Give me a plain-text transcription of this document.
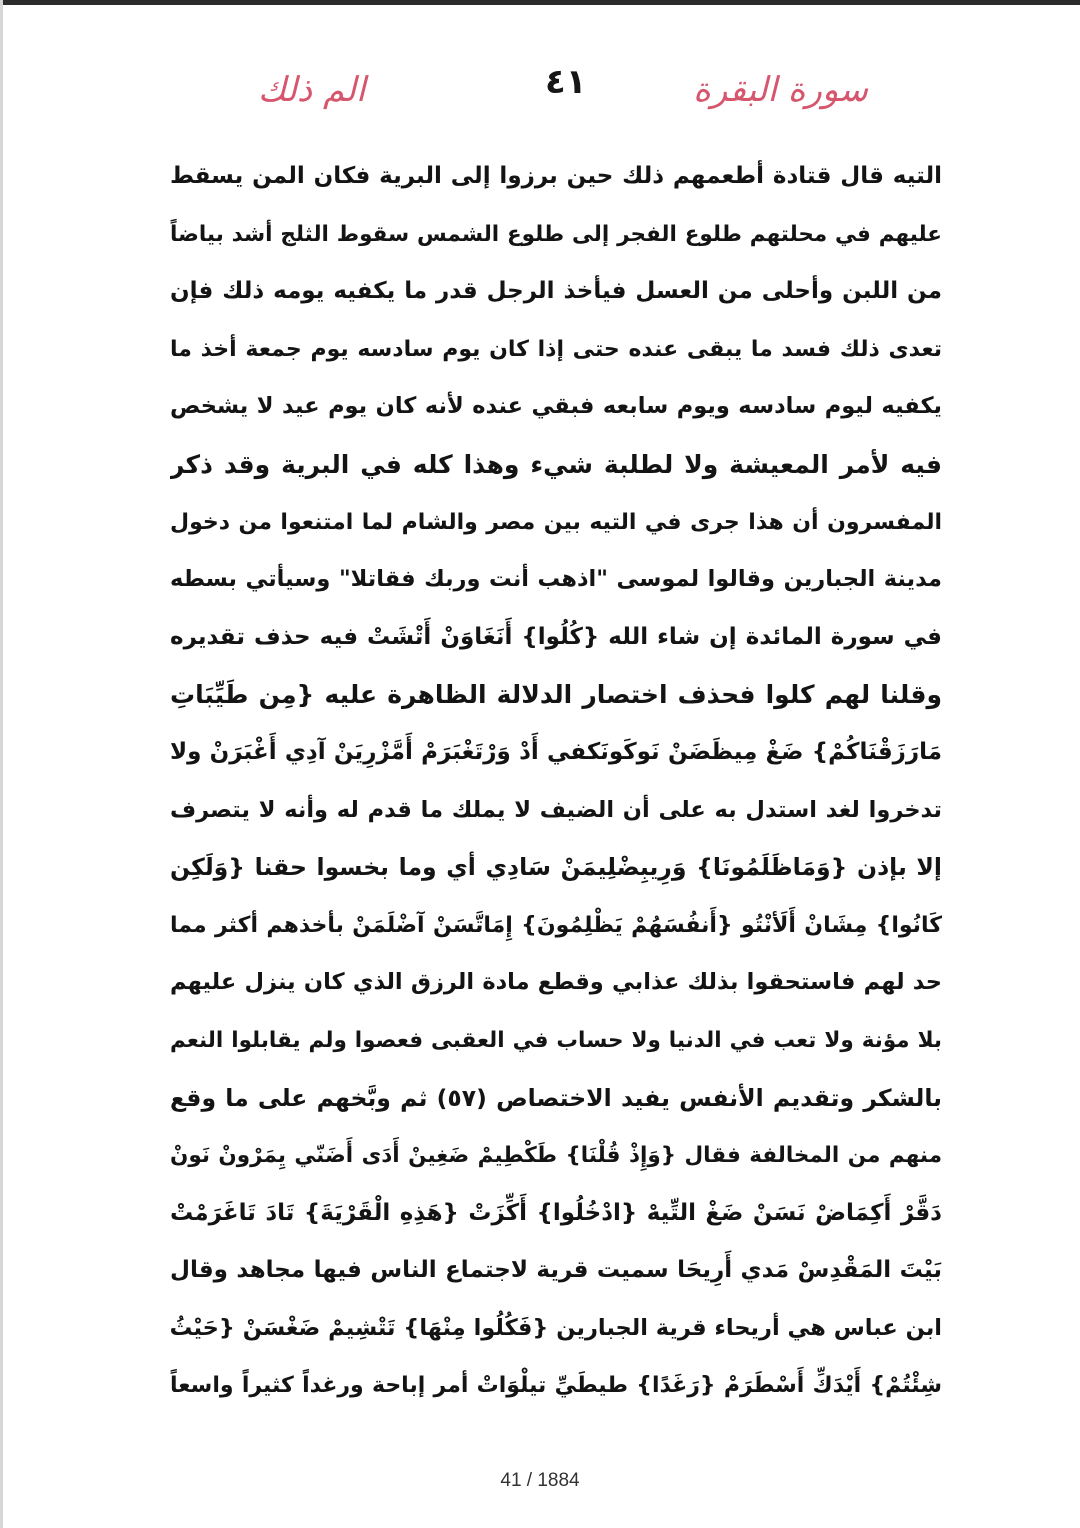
سورة البقرة
٤١
الم ذلك
التيه قال قتادة أطعمهم ذلك حين برزوا إلى البرية فكان المن يسقط
عليهم في محلتهم طلوع الفجر إلى طلوع الشمس سقوط الثلج أشد بياضاً
من اللبن وأحلى من العسل فيأخذ الرجل قدر ما يكفيه يومه ذلك فإن
تعدى ذلك فسد ما يبقى عنده حتى إذا كان يوم سادسه يوم جمعة أخذ ما
يكفيه ليوم سادسه ويوم سابعه فبقي عنده لأنه كان يوم عيد لا يشخص
فيه لأمر المعيشة ولا لطلبة شيء وهذا كله في البرية وقد ذكر
المفسرون أن هذا جرى في التيه بين مصر والشام لما امتنعوا من دخول
مدينة الجبارين وقالوا لموسى "اذهب أنت وربك فقاتلا" وسيأتي بسطه
في سورة المائدة إن شاء الله {كُلُوا} أَنَغَاوَنْ أَتْشَتْ فيه حذف تقديره
وقلنا لهم كلوا فحذف اختصار الدلالة الظاهرة عليه {مِن طَيِّبَاتِ
مَارَزَقْنَاكُمْ} ضَغْ مِيظَضَنْ نَوكَونَكفي أَدْ وَرْتَغْبَرَمْ أَمَّزْرِيَنْ آدِي أَغْبَرَنْ ولا
تدخروا لغد استدل به على أن الضيف لا يملك ما قدم له وأنه لا يتصرف
إلا بإذن {وَمَاظَلَمُونَا} وَرِيبِضْلِيمَنْ سَادِي أي وما بخسوا حقنا {وَلَكِن
كَانُوا} مِشَانْ أَلَأنْتُو {أَنفُسَهُمْ يَظْلِمُونَ} إِمَاتَّسَنْ آضْلَمَنْ بأخذهم أكثر مما
حد لهم فاستحقوا بذلك عذابي وقطع مادة الرزق الذي كان ينزل عليهم
بلا مؤنة ولا تعب في الدنيا ولا حساب في العقبى فعصوا ولم يقابلوا النعم
بالشكر وتقديم الأنفس يفيد الاختصاص (٥٧) ثم وبَّخهم على ما وقع
منهم من المخالفة فقال {وَإِذْ قُلْنَا} طَكْطِيمْ ضَغِينْ أَدَى أَضَنّي يِمَرْونْ نَونْ
دَقَّرْ أَكِمَاضْ نَسَنْ ضَغْ التِّيهْ {ادْخُلُوا} أَكِّزَتْ {هَذِهِ الْقَرْيَةَ} تَادَ تَاغَرَمْتْ
بَيْتَ المَقْدِسْ مَدي أَرِيحَا سميت قرية لاجتماع الناس فيها مجاهد وقال
ابن عباس هي أريحاء قرية الجبارين {فَكُلُوا مِنْهَا} تَتْشِيمْ ضَغْسَنْ {حَيْثُ
شِئْتُمْ} أَيْدَكِّ أَسْطَرَمْ {رَغَدًا} طيطَيِّ تيلْوَاتْ أمر إباحة ورغداً كثيراً واسعاً
41 / 1884
